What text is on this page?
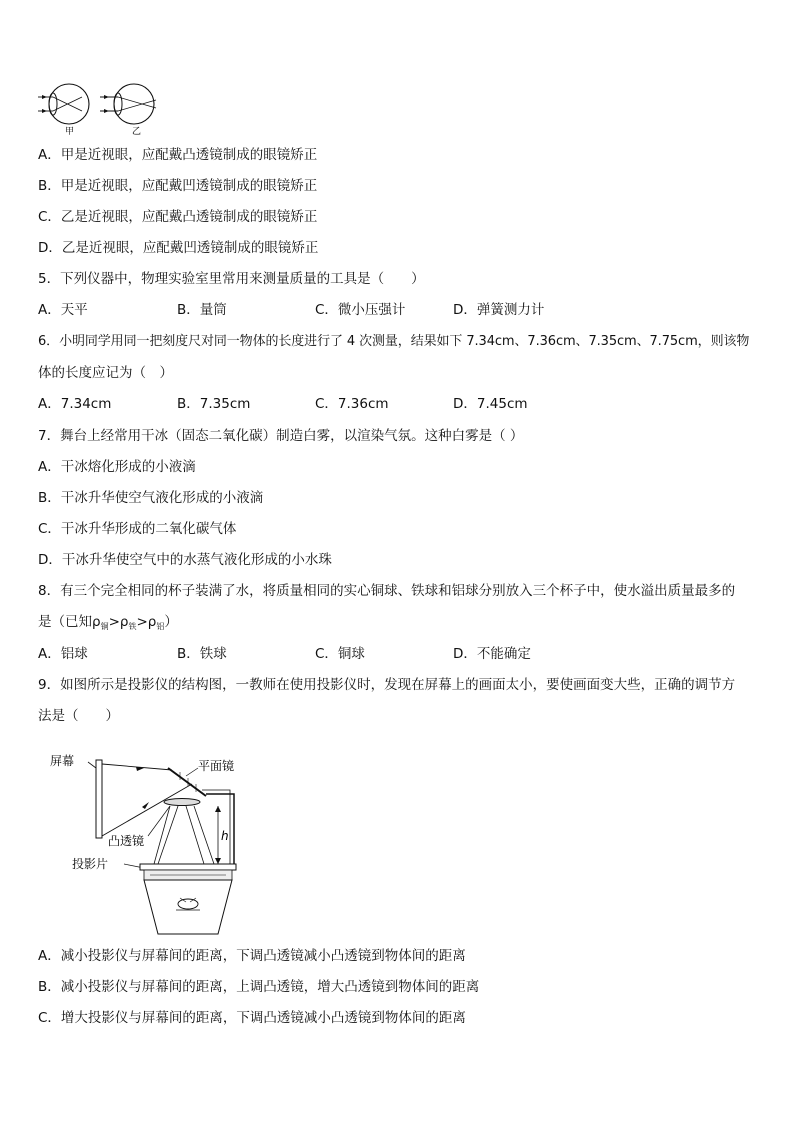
甲	乙
A．甲是近视眼，应配戴凸透镜制成的眼镜矫正
B．甲是近视眼，应配戴凹透镜制成的眼镜矫正
C．乙是近视眼，应配戴凸透镜制成的眼镜矫正
D．乙是近视眼，应配戴凹透镜制成的眼镜矫正
5．下列仪器中，物理实验室里常用来测量质量的工具是（　　）
A．天平	B．量筒	C．微小压强计	D．弹簧测力计
6．小明同学用同一把刻度尺对同一物体的长度进行了 4 次测量，结果如下 7.34cm、7.36cm、7.35cm、7.75cm，则该物
体的长度应记为（　）
A．7.34cm	B．7.35cm	C．7.36cm	D．7.45cm
7．舞台上经常用干冰（固态二氧化碳）制造白雾，以渲染气氛。这种白雾是（ ）
A．干冰熔化形成的小液滴
B．干冰升华使空气液化形成的小液滴
C．干冰升华形成的二氧化碳气体
D．干冰升华使空气中的水蒸气液化形成的小水珠
8．有三个完全相同的杯子装满了水，将质量相同的实心铜球、铁球和铝球分别放入三个杯子中，使水溢出质量最多的
是（已知$\rho_铜>\rho_铁>\rho_铝$）
A．铝球	B．铁球	C．铜球	D．不能确定
9．如图所示是投影仪的结构图，一教师在使用投影仪时，发现在屏幕上的画面太小，要使画面变大些，正确的调节方
法是（　　）
屏幕	平面镜
凸透镜	h
投影片
A．减小投影仪与屏幕间的距离，下调凸透镜减小凸透镜到物体间的距离
B．减小投影仪与屏幕间的距离，上调凸透镜，增大凸透镜到物体间的距离
C．增大投影仪与屏幕间的距离，下调凸透镜减小凸透镜到物体间的距离
